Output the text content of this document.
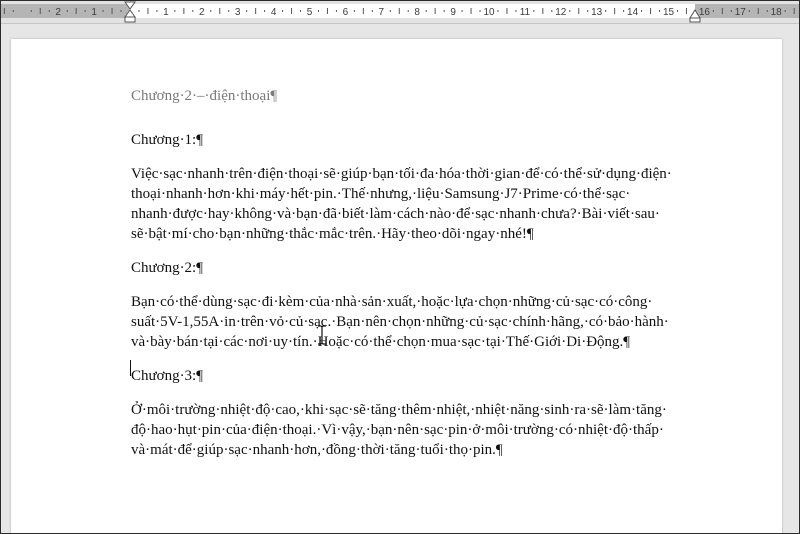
2	1	1	2	3	4	5	6	7	8	9	10	11	12 13 14 15 16 17 18

Chương·2·–·điện·thoại¶

Chương·1:¶

Việc·sạc·nhanh·trên·điện·thoại·sẽ·giúp·bạn·tối·đa·hóa·thời·gian·để·có·thể·sử·dụng·điện·

thoại·nhanh·hơn·khi·máy·hết·pin.·Thế·nhưng,·liệu·Samsung·J7·Prime·có·thể·sạc·

nhanh·được·hay·không·và·bạn·đã·biết·làm·cách·nào·để·sạc·nhanh·chưa?·Bài·viết·sau·

sẽ·bật·mí·cho·bạn·những·thắc·mắc·trên.·Hãy·theo·dõi·ngay·nhé!¶

Chương·2:¶

Bạn·có·thể·dùng·sạc·đi·kèm·của·nhà·sản·xuất,·hoặc·lựa·chọn·những·củ·sạc·có·công·

suất·5V-1,55A·in·trên·vỏ·củ·sạc.·Bạn·nên·chọn·những·củ·sạc·chính·hãng,·có·bảo·hành·

và·bày·bán·tại·các·nơi·uy·tín.·Hoặc·có·thể·chọn·mua·sạc·tại·Thế·Giới·Di·Động.¶

Chương·3:¶

Ở·môi·trường·nhiệt·độ·cao,·khi·sạc·sẽ·tăng·thêm·nhiệt,·nhiệt·năng·sinh·ra·sẽ·làm·tăng·

độ·hao·hụt·pin·của·điện·thoại.·Vì·vậy,·bạn·nên·sạc·pin·ở·môi·trường·có·nhiệt·độ·thấp·

và·mát·để·giúp·sạc·nhanh·hơn,·đồng·thời·tăng·tuổi·thọ·pin.¶
